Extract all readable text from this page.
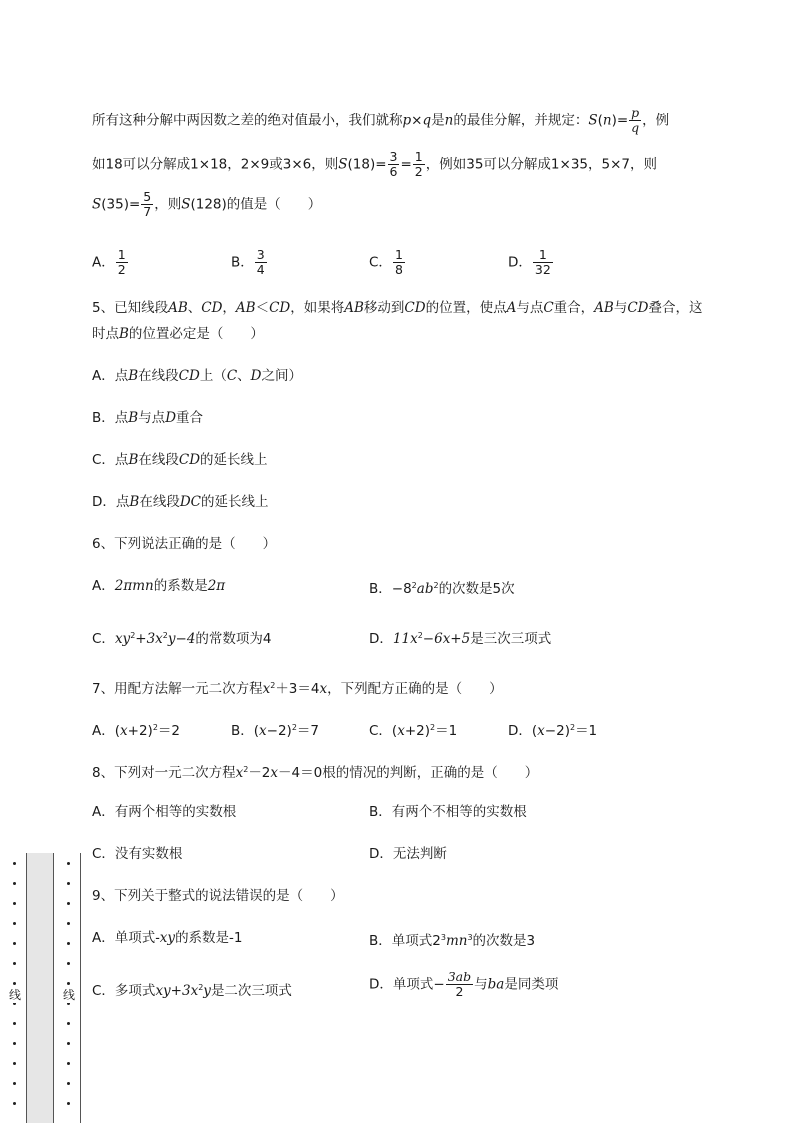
所有这种分解中两因数之差的绝对值最小，我们就称p×q是n的最佳分解，并规定：$S(n)= \frac{p}{q}$ ，例
如18可以分解成1×18，2×9或3×6，则$S(18)= \frac{3}{6} = \frac{1}{2}$ ，例如35可以分解成1×35，5×7，则
$S(35)= \frac{5}{7}$ ，则S(128)的值是（　　）
A． $\frac{1}{2}$	B． $\frac{3}{4}$	C． $\frac{1}{8}$	D． $\frac{1}{32}$
5、已知线段AB、CD，AB＜CD，如果将AB移动到CD的位置，使点A与点C重合，AB与CD叠合，这
时点B的位置必定是（　　）
A．点B在线段CD上（C、D之间）
B．点B与点D重合
C．点B在线段CD的延长线上
D．点B在线段DC的延长线上
6、下列说法正确的是（　　）
A．2πmn的系数是2π	B．$-8^2ab^2$的次数是5次
C．$xy^2+3x^2y-4$的常数项为4	D．$11x^2-6x+5$是三次三项式
7、用配方法解一元二次方程$x^2+3=4x$，下列配方正确的是（　　）
A．$(x+2)^2=2$	B．$(x-2)^2=7$	C．$(x+2)^2=1$	D．$(x-2)^2=1$
8、下列对一元二次方程$x^2-2x-4=0$根的情况的判断，正确的是（　　）
A．有两个相等的实数根	B．有两个不相等的实数根
C．没有实数根	D．无法判断
9、下列关于整式的说法错误的是（　　）
A．单项式-xy的系数是-1	B．单项式$2^3mn^3$的次数是3
C．多项式$xy+3x^2y$是二次三项式	D．单项式− $\frac{3ab}{2}$ 与ba是同类项
线	线
